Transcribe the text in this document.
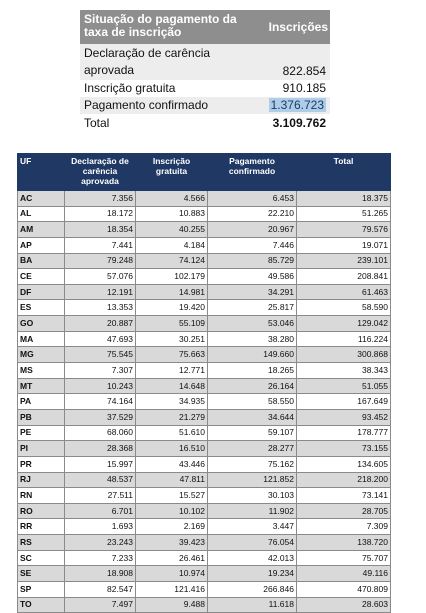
Situação do pagamento da taxa de inscrição	Inscrições
Declaração de carência aprovada	822.854
Inscrição gratuita	910.185
Pagamento confirmado	1.376.723
Total	3.109.762
UF	Declaração de carência aprovada	Inscrição gratuita	Pagamento confirmado	Total
AC	7.356	4.566	6.453	18.375
AL	18.172	10.883	22.210	51.265
AM	18.354	40.255	20.967	79.576
AP	7.441	4.184	7.446	19.071
BA	79.248	74.124	85.729	239.101
CE	57.076	102.179	49.586	208.841
DF	12.191	14.981	34.291	61.463
ES	13.353	19.420	25.817	58.590
GO	20.887	55.109	53.046	129.042
MA	47.693	30.251	38.280	116.224
MG	75.545	75.663	149.660	300.868
MS	7.307	12.771	18.265	38.343
MT	10.243	14.648	26.164	51.055
PA	74.164	34.935	58.550	167.649
PB	37.529	21.279	34.644	93.452
PE	68.060	51.610	59.107	178.777
PI	28.368	16.510	28.277	73.155
PR	15.997	43.446	75.162	134.605
RJ	48.537	47.811	121.852	218.200
RN	27.511	15.527	30.103	73.141
RO	6.701	10.102	11.902	28.705
RR	1.693	2.169	3.447	7.309
RS	23.243	39.423	76.054	138.720
SC	7.233	26.461	42.013	75.707
SE	18.908	10.974	19.234	49.116
SP	82.547	121.416	266.846	470.809
TO	7.497	9.488	11.618	28.603
